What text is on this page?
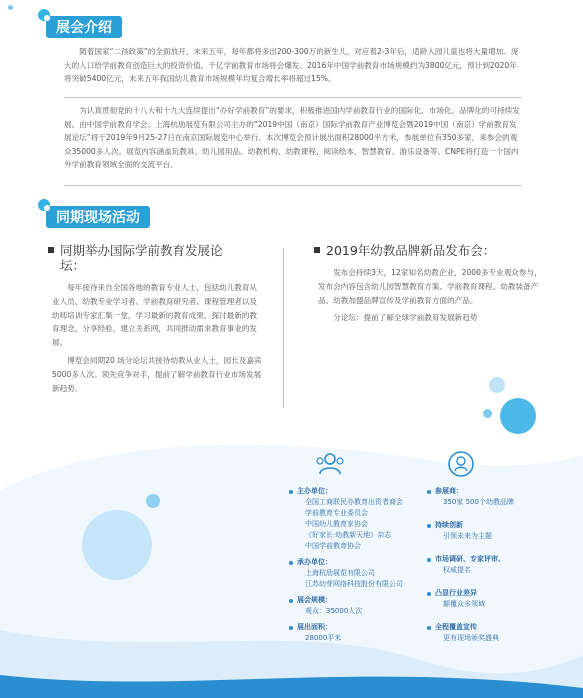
展会介绍

随着国家“二孩政策”的全面放开，未来五年，每年都将多出200-300万的新生儿，对应着2-3年后，适龄入园儿童也将大量增加。庞大的人口给学前教育创造巨大的投资价值，千亿学前教育市场将会爆发。2016年中国学前教育市场规模约为3800亿元，预计到2020年将突破5400亿元，未来五年我国幼儿教育市场规模年均复合增长率将超过15%。

为认真贯彻党的十八大和十九大连续提出“办好学前教育”的要求，积极推进国内学前教育行业的国际化、市场化、品牌化的可持续发展。由中国学前教育学会、上海杭劢展览有限公司主办的“2019中国（南京）国际学前教育产业博览会暨2019中国（南京）学前教育发展论坛”将于2019年9月25-27日在南京国际展览中心举行。本次博览会预计展出面积28000平方米，参展单位有350多家，来参会的观众35000多人次。展览内容涵盖玩教具、幼儿园用品、幼教机构、幼教课程、阅读绘本、智慧教育、游乐设备等。CNPE将打造一个国内外学前教育领域全面的交流平台。

同期现场活动
同期举办国际学前教育发展论坛：

每年接待来自全国各地的教育专业人士，包括幼儿教育从业人员、幼教专业学习者、学前教育研究者、课程管理者以及幼师培训专家汇集一堂，学习最新的教育成果，探讨最新的教育理念，分享经验，建立关系网，共同推动需求教育事业的发展。

博览会同期20 场分论坛共接待幼教从业人士，园长及嘉宾5000多人次。领先竞争对手，提前了解学前教育行业市场发展新趋势。

2019年幼教品牌新品发布会：

发布会持续3天，12家知名幼教企业，2000多专业观众参与，发布会内容包含幼儿园智慧教育方案、学前教育课程、幼教装备产品、幼教加盟品牌宣传及学前教育方面的产品。

分论坛：提前了解全球学前教育发展新趋势

主办单位：
全国工商联民办教育出资者商会
学前教育专业委员会
中国幼儿教育家协会
《好家长·幼教新天地》杂志
中国学前教育协会
承办单位：
上海杭劢展览有限公司
江苏幼芽网络科技股份有限公司
展会规模：
观众：35000人次
展出面积：
28000平米
参展商：
350家 500个幼教品牌
持续创新
引领未来为主题
市场调研、专家评审、
权威提名
凸显行业差异
颠覆众多领域
全程覆盖宣传
更有现场颁奖盛典
